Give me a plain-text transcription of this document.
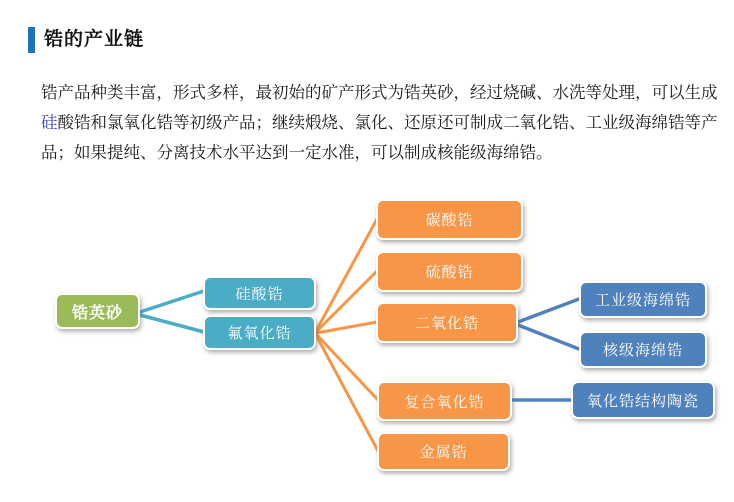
锆的产业链
锆产品种类丰富，形式多样，最初始的矿产形式为锆英砂，经过烧碱、水洗等处理，可以生成
硅酸锆和氯氧化锆等初级产品；继续煅烧、氯化、还原还可制成二氧化锆、工业级海绵锆等产
品；如果提纯、分离技术水平达到一定水准，可以制成核能级海绵锆。
锆英砂
硅酸锆
氟氧化锆
碳酸锆
硫酸锆
二氧化锆
复合氧化锆
金属锆
工业级海绵锆
核级海绵锆
氧化锆结构陶瓷
